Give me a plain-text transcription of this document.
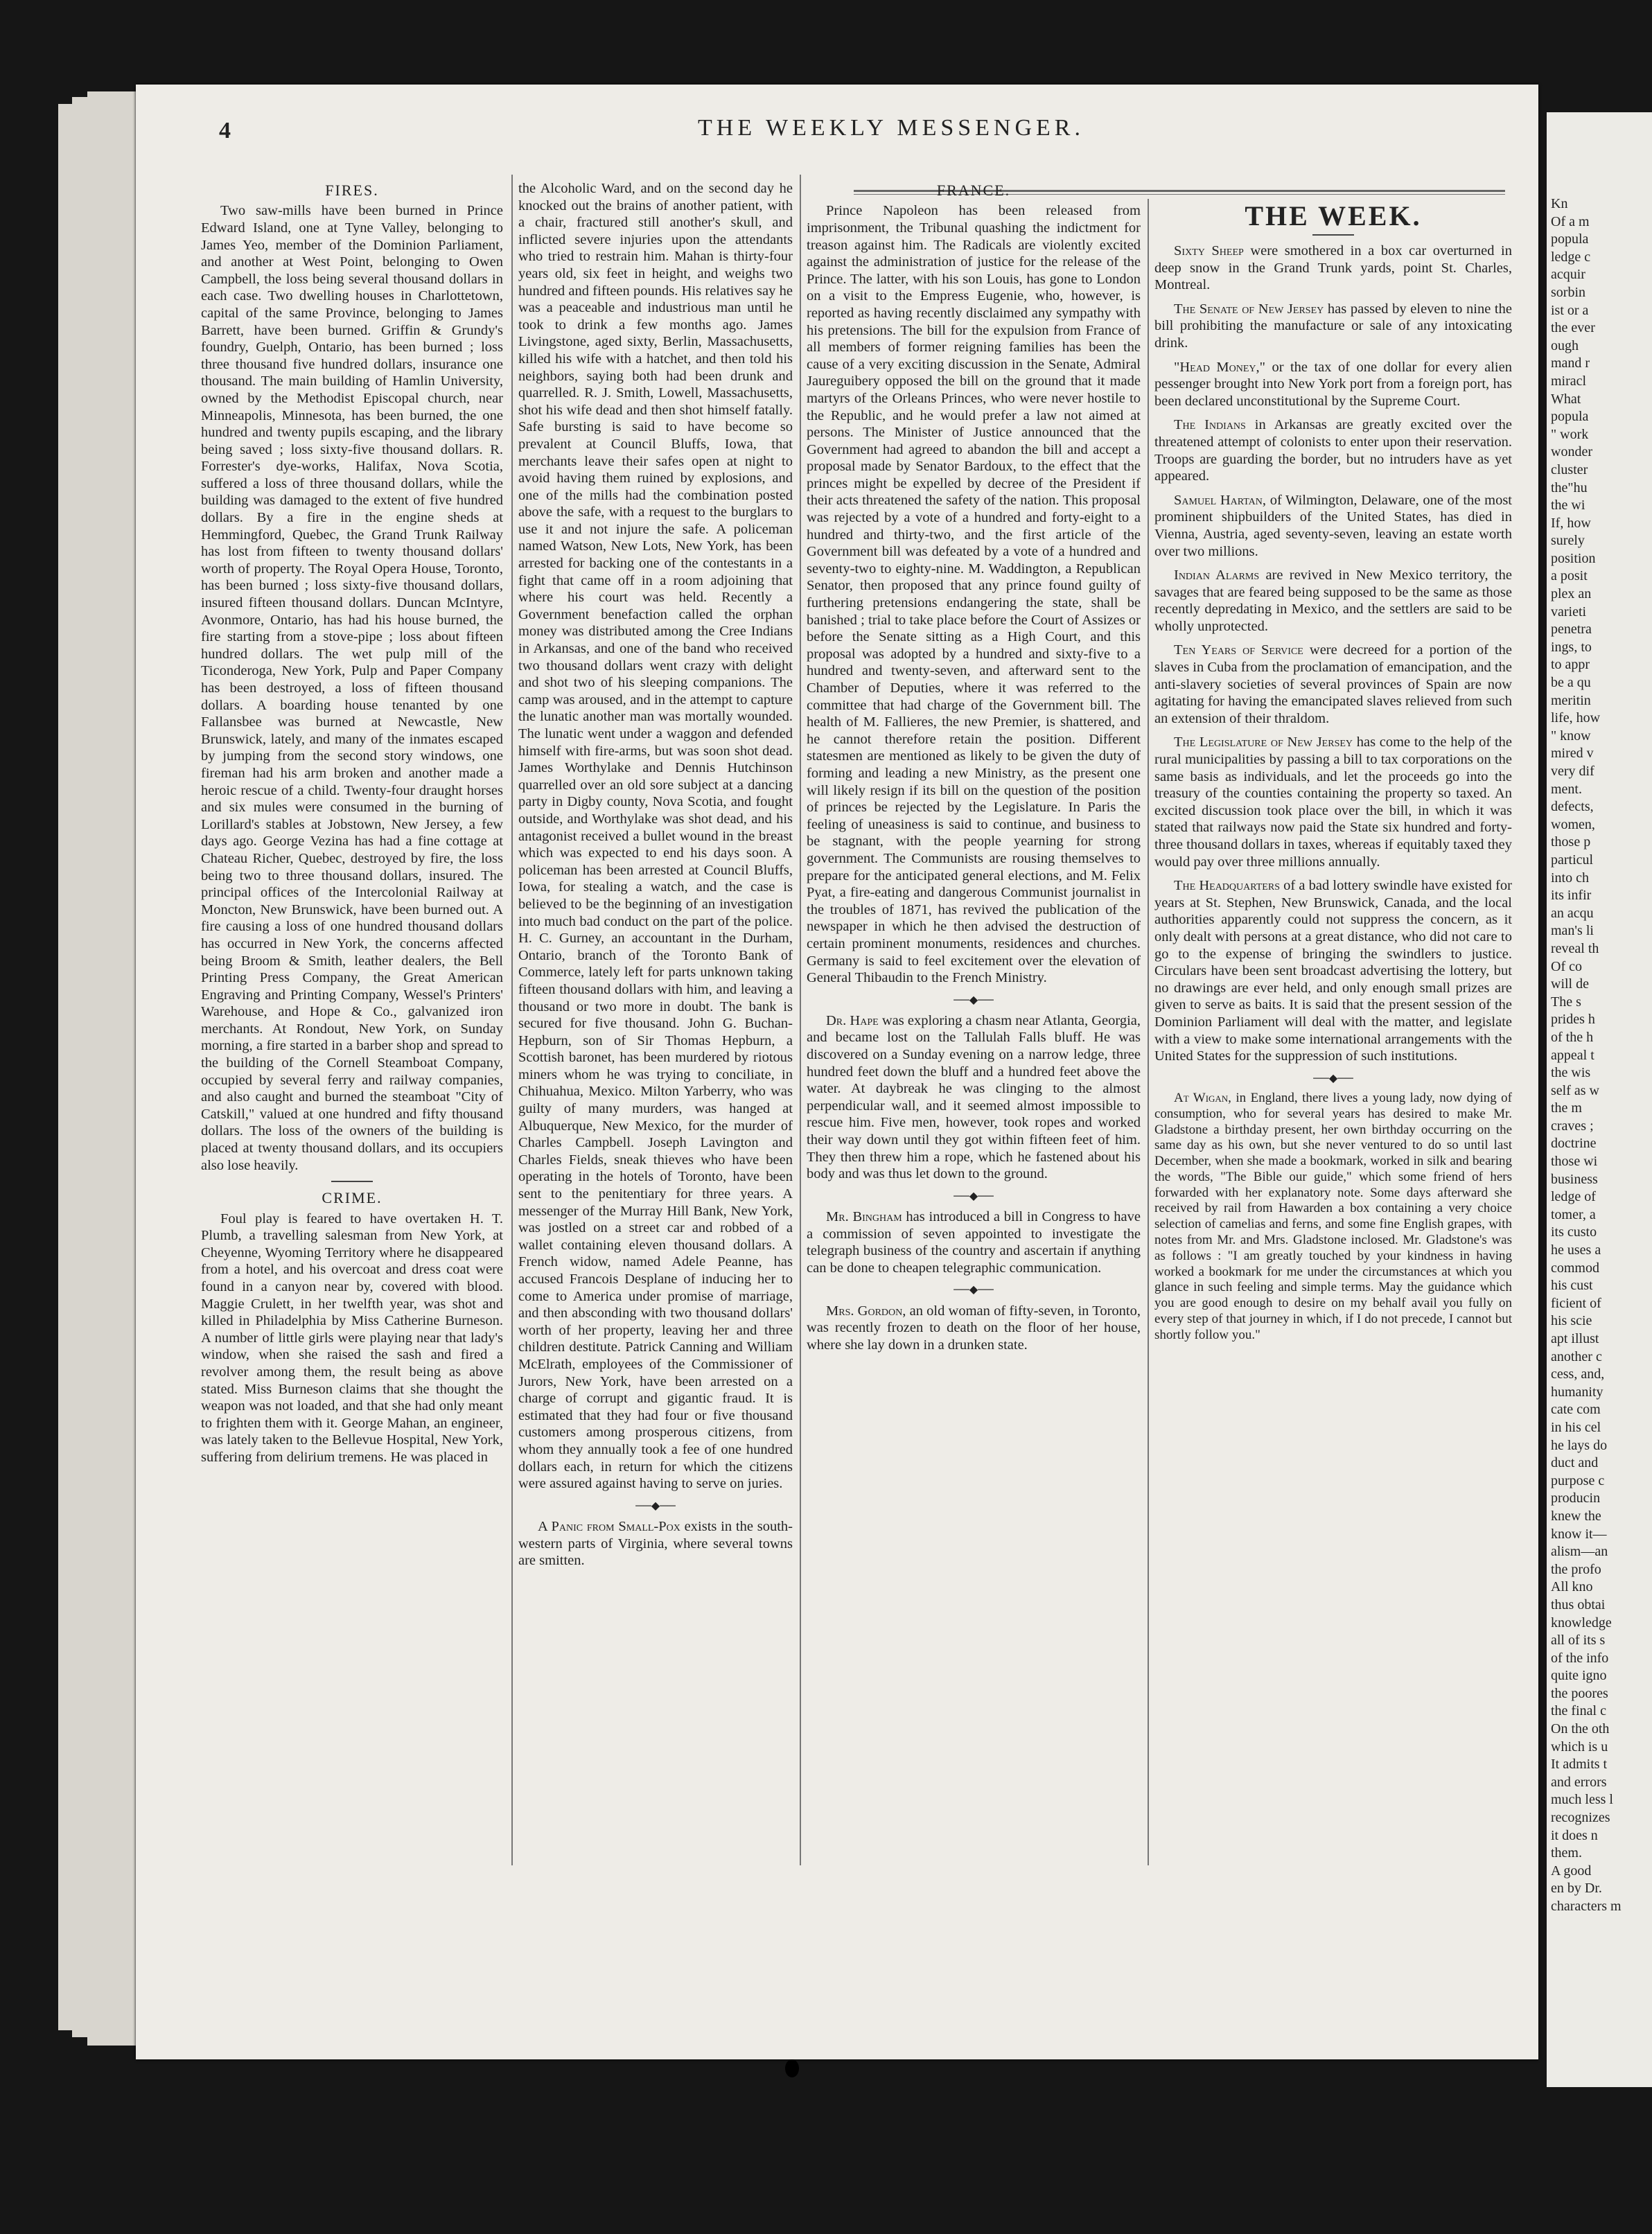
4	THE WEEKLY MESSENGER.
FIRES.

Two saw-mills have been burned in Prince Edward Island, one at Tyne Valley, belonging to James Yeo, member of the Dominion Parliament, and another at West Point, belonging to Owen Campbell, the loss being several thousand dollars in each case. Two dwelling houses in Charlottetown, capital of the same Province, belonging to James Barrett, have been burned. Griffin & Grundy's foundry, Guelph, Ontario, has been burned ; loss three thousand five hundred dollars, insurance one thousand. The main building of Hamlin University, owned by the Methodist Episcopal church, near Minneapolis, Minnesota, has been burned, the one hundred and twenty pupils escaping, and the library being saved ; loss sixty-five thousand dollars. R. Forrester's dye-works, Halifax, Nova Scotia, suffered a loss of three thousand dollars, while the building was damaged to the extent of five hundred dollars. By a fire in the engine sheds at Hemmingford, Quebec, the Grand Trunk Railway has lost from fifteen to twenty thousand dollars' worth of property. The Royal Opera House, Toronto, has been burned ; loss sixty-five thousand dollars, insured fifteen thousand dollars. Duncan McIntyre, Avonmore, Ontario, has had his house burned, the fire starting from a stove-pipe ; loss about fifteen hundred dollars. The wet pulp mill of the Ticonderoga, New York, Pulp and Paper Company has been destroyed, a loss of fifteen thousand dollars. A boarding house tenanted by one Fallansbee was burned at Newcastle, New Brunswick, lately, and many of the inmates escaped by jumping from the second story windows, one fireman had his arm broken and another made a heroic rescue of a child. Twenty-four draught horses and six mules were consumed in the burning of Lorillard's stables at Jobstown, New Jersey, a few days ago. George Vezina has had a fine cottage at Chateau Richer, Quebec, destroyed by fire, the loss being two to three thousand dollars, insured. The principal offices of the Intercolonial Railway at Moncton, New Brunswick, have been burned out. A fire causing a loss of one hundred thousand dollars has occurred in New York, the concerns affected being Broom & Smith, leather dealers, the Bell Printing Press Company, the Great American Engraving and Printing Company, Wessel's Printers' Warehouse, and Hope & Co., galvanized iron merchants. At Rondout, New York, on Sunday morning, a fire started in a barber shop and spread to the building of the Cornell Steamboat Company, occupied by several ferry and railway companies, and also caught and burned the steamboat "City of Catskill," valued at one hundred and fifty thousand dollars. The loss of the owners of the building is placed at twenty thousand dollars, and its occupiers also lose heavily.

CRIME.

Foul play is feared to have overtaken H. T. Plumb, a travelling salesman from New York, at Cheyenne, Wyoming Territory where he disappeared from a hotel, and his overcoat and dress coat were found in a canyon near by, covered with blood. Maggie Crulett, in her twelfth year, was shot and killed in Philadelphia by Miss Catherine Burneson. A number of little girls were playing near that lady's window, when she raised the sash and fired a revolver among them, the result being as above stated. Miss Burneson claims that she thought the weapon was not loaded, and that she had only meant to frighten them with it. George Mahan, an engineer, was lately taken to the Bellevue Hospital, New York, suffering from delirium tremens. He was placed in

the Alcoholic Ward, and on the second day he knocked out the brains of another patient, with a chair, fractured still another's skull, and inflicted severe injuries upon the attendants who tried to restrain him. Mahan is thirty-four years old, six feet in height, and weighs two hundred and fifteen pounds. His relatives say he was a peaceable and industrious man until he took to drink a few months ago. James Livingstone, aged sixty, Berlin, Massachusetts, killed his wife with a hatchet, and then told his neighbors, saying both had been drunk and quarrelled. R. J. Smith, Lowell, Massachusetts, shot his wife dead and then shot himself fatally. Safe bursting is said to have become so prevalent at Council Bluffs, Iowa, that merchants leave their safes open at night to avoid having them ruined by explosions, and one of the mills had the combination posted above the safe, with a request to the burglars to use it and not injure the safe. A policeman named Watson, New Lots, New York, has been arrested for backing one of the contestants in a fight that came off in a room adjoining that where his court was held. Recently a Government benefaction called the orphan money was distributed among the Cree Indians in Arkansas, and one of the band who received two thousand dollars went crazy with delight and shot two of his sleeping companions. The camp was aroused, and in the attempt to capture the lunatic another man was mortally wounded. The lunatic went under a waggon and defended himself with fire-arms, but was soon shot dead. James Worthylake and Dennis Hutchinson quarrelled over an old sore subject at a dancing party in Digby county, Nova Scotia, and fought outside, and Worthylake was shot dead, and his antagonist received a bullet wound in the breast which was expected to end his days soon. A policeman has been arrested at Council Bluffs, Iowa, for stealing a watch, and the case is believed to be the beginning of an investigation into much bad conduct on the part of the police. H. C. Gurney, an accountant in the Durham, Ontario, branch of the Toronto Bank of Commerce, lately left for parts unknown taking fifteen thousand dollars with him, and leaving a thousand or two more in doubt. The bank is secured for five thousand. John G. Buchan-Hepburn, son of Sir Thomas Hepburn, a Scottish baronet, has been murdered by riotous miners whom he was trying to conciliate, in Chihuahua, Mexico. Milton Yarberry, who was guilty of many murders, was hanged at Albuquerque, New Mexico, for the murder of Charles Campbell. Joseph Lavington and Charles Fields, sneak thieves who have been operating in the hotels of Toronto, have been sent to the penitentiary for three years. A messenger of the Murray Hill Bank, New York, was jostled on a street car and robbed of a wallet containing eleven thousand dollars. A French widow, named Adele Peanne, has accused Francois Desplane of inducing her to come to America under promise of marriage, and then absconding with two thousand dollars' worth of her property, leaving her and three children destitute. Patrick Canning and William McElrath, employees of the Commissioner of Jurors, New York, have been arrested on a charge of corrupt and gigantic fraud. It is estimated that they had four or five thousand customers among prosperous citizens, from whom they annually took a fee of one hundred dollars each, in return for which the citizens were assured against having to serve on juries.

──◆──

A Panic from Small-Pox exists in the south-western parts of Virginia, where several towns are smitten.

FRANCE.

Prince Napoleon has been released from imprisonment, the Tribunal quashing the indictment for treason against him. The Radicals are violently excited against the administration of justice for the release of the Prince. The latter, with his son Louis, has gone to London on a visit to the Empress Eugenie, who, however, is reported as having recently disclaimed any sympathy with his pretensions. The bill for the expulsion from France of all members of former reigning families has been the cause of a very exciting discussion in the Senate, Admiral Jaureguibery opposed the bill on the ground that it made martyrs of the Orleans Princes, who were never hostile to the Republic, and he would prefer a law not aimed at persons. The Minister of Justice announced that the Government had agreed to abandon the bill and accept a proposal made by Senator Bardoux, to the effect that the princes might be expelled by decree of the President if their acts threatened the safety of the nation. This proposal was rejected by a vote of a hundred and forty-eight to a hundred and thirty-two, and the first article of the Government bill was defeated by a vote of a hundred and seventy-two to eighty-nine. M. Waddington, a Republican Senator, then proposed that any prince found guilty of furthering pretensions endangering the state, shall be banished ; trial to take place before the Court of Assizes or before the Senate sitting as a High Court, and this proposal was adopted by a hundred and sixty-five to a hundred and twenty-seven, and afterward sent to the Chamber of Deputies, where it was referred to the committee that had charge of the Government bill. The health of M. Fallieres, the new Premier, is shattered, and he cannot therefore retain the position. Different statesmen are mentioned as likely to be given the duty of forming and leading a new Ministry, as the present one will likely resign if its bill on the question of the position of princes be rejected by the Legislature. In Paris the feeling of uneasiness is said to continue, and business to be stagnant, with the people yearning for strong government. The Communists are rousing themselves to prepare for the anticipated general elections, and M. Felix Pyat, a fire-eating and dangerous Communist journalist in the troubles of 1871, has revived the publication of the newspaper in which he then advised the destruction of certain prominent monuments, residences and churches. Germany is said to feel excitement over the elevation of General Thibaudin to the French Ministry.

──◆──

Dr. Hape was exploring a chasm near Atlanta, Georgia, and became lost on the Tallulah Falls bluff. He was discovered on a Sunday evening on a narrow ledge, three hundred feet down the bluff and a hundred feet above the water. At daybreak he was clinging to the almost perpendicular wall, and it seemed almost impossible to rescue him. Five men, however, took ropes and worked their way down until they got within fifteen feet of him. They then threw him a rope, which he fastened about his body and was thus let down to the ground.

──◆──

Mr. Bingham has introduced a bill in Congress to have a commission of seven appointed to investigate the telegraph business of the country and ascertain if anything can be done to cheapen telegraphic communication.

──◆──

Mrs. Gordon, an old woman of fifty-seven, in Toronto, was recently frozen to death on the floor of her house, where she lay down in a drunken state.

THE WEEK.

Sixty Sheep were smothered in a box car overturned in deep snow in the Grand Trunk yards, point St. Charles, Montreal.

The Senate of New Jersey has passed by eleven to nine the bill prohibiting the manufacture or sale of any intoxicating drink.

"Head Money," or the tax of one dollar for every alien pessenger brought into New York port from a foreign port, has been declared unconstitutional by the Supreme Court.

The Indians in Arkansas are greatly excited over the threatened attempt of colonists to enter upon their reservation. Troops are guarding the border, but no intruders have as yet appeared.

Samuel Hartan, of Wilmington, Delaware, one of the most prominent shipbuilders of the United States, has died in Vienna, Austria, aged seventy-seven, leaving an estate worth over two millions.

Indian Alarms are revived in New Mexico territory, the savages that are feared being supposed to be the same as those recently depredating in Mexico, and the settlers are said to be wholly unprotected.

Ten Years of Service were decreed for a portion of the slaves in Cuba from the proclamation of emancipation, and the anti-slavery societies of several provinces of Spain are now agitating for having the emancipated slaves relieved from such an extension of their thraldom.

The Legislature of New Jersey has come to the help of the rural municipalities by passing a bill to tax corporations on the same basis as individuals, and let the proceeds go into the treasury of the counties containing the property so taxed. An excited discussion took place over the bill, in which it was stated that railways now paid the State six hundred and forty-three thousand dollars in taxes, whereas if equitably taxed they would pay over three millions annually.

The Headquarters of a bad lottery swindle have existed for years at St. Stephen, New Brunswick, Canada, and the local authorities apparently could not suppress the concern, as it only dealt with persons at a great distance, who did not care to go to the expense of bringing the swindlers to justice. Circulars have been sent broadcast advertising the lottery, but no drawings are ever held, and only enough small prizes are given to serve as baits. It is said that the present session of the Dominion Parliament will deal with the matter, and legislate with a view to make some international arrangements with the United States for the suppression of such institutions.

──◆──

At Wigan, in England, there lives a young lady, now dying of consumption, who for several years has desired to make Mr. Gladstone a birthday present, her own birthday occurring on the same day as his own, but she never ventured to do so until last December, when she made a bookmark, worked in silk and bearing the words, "The Bible our guide," which some friend of hers forwarded with her explanatory note. Some days afterward she received by rail from Hawarden a box containing a very choice selection of camelias and ferns, and some fine English grapes, with notes from Mr. and Mrs. Gladstone inclosed. Mr. Gladstone's was as follows : "I am greatly touched by your kindness in having worked a bookmark for me under the circumstances at which you glance in such feeling and simple terms. May the guidance which you are good enough to desire on my behalf avail you fully on every step of that journey in which, if I do not precede, I cannot but shortly follow you."

Kn
Of a m
popula
ledge c
acquir
sorbin
ist or a
the ever
ough
mand r
miracl
What
popula
" work
wonder
cluster
the"hu
the wi
If, how
surely
position
a posit
plex an
varieti
penetra
ings, to
to appr
be a qu
meritin
life, how
" know
mired v
very dif
ment.
defects,
women,
those p
particul
into ch
its infir
an acqu
man's li
reveal th
Of co
will de
The s
prides h
of the h
appeal t
the wis
self as w
the m
craves ;
doctrine
those wi
business
ledge of
tomer, a
its custo
he uses a
commod
his cust
ficient of
his scie
apt illust
another c
cess, and,
humanity
cate com
in his cel
he lays do
duct and
purpose c
producin
knew the
know it—
alism—an
the profo
All kno
thus obtai
knowledge
all of its s
of the info
quite igno
the poores
the final c
On the oth
which is u
It admits t
and errors
much less l
recognizes
it does n
them.
A good
en by Dr.
characters m
